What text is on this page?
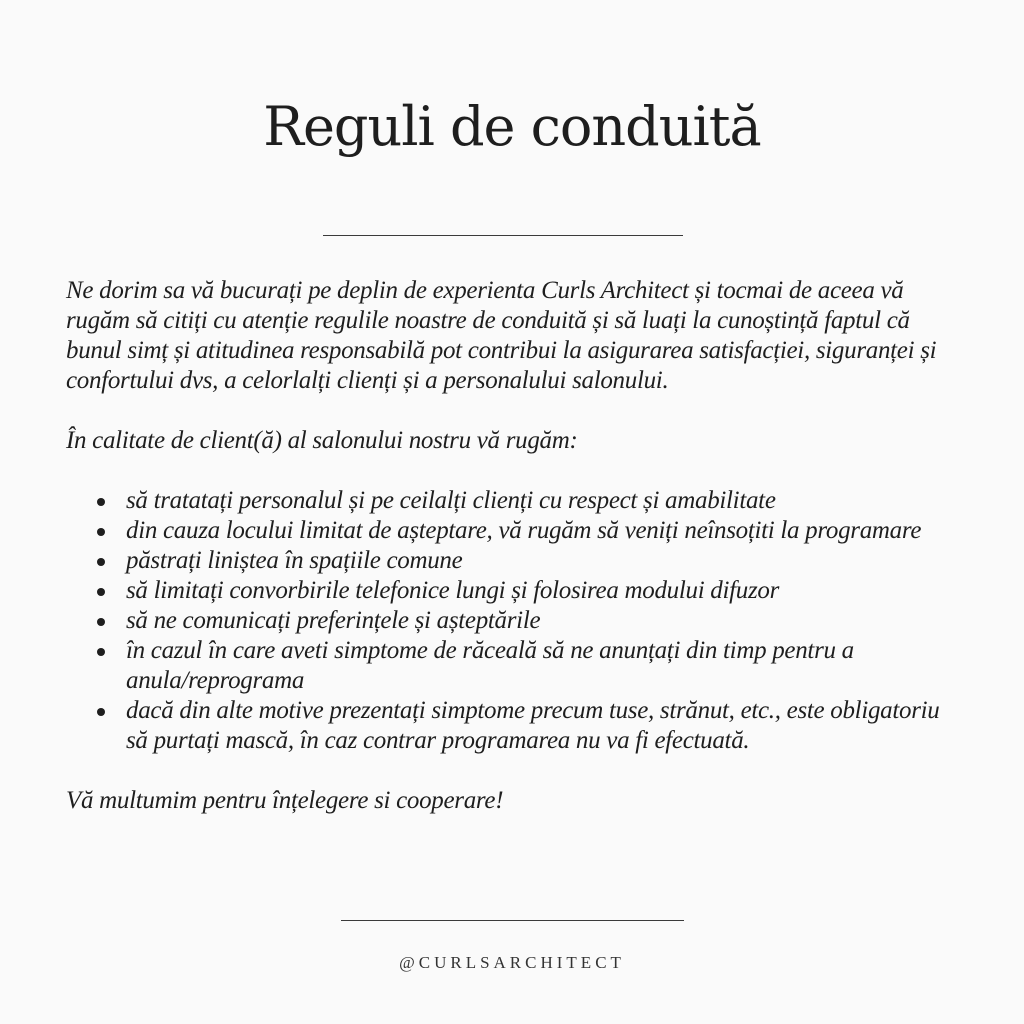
Reguli de conduită

Ne dorim sa vă bucurați pe deplin de experienta Curls Architect și tocmai de aceea vă rugăm să citiți cu atenție regulile noastre de conduită și să luați la cunoștință faptul că bunul simț și atitudinea responsabilă pot contribui la asigurarea satisfacției, siguranței și confortului dvs, a celorlalți clienți și a personalului salonului.

În calitate de client(ă) al salonului nostru vă rugăm:

să tratatați personalul și pe ceilalți clienți cu respect și amabilitate
din cauza locului limitat de așteptare, vă rugăm să veniți neînsoțiti la programare
păstrați liniștea în spațiile comune
să limitați convorbirile telefonice lungi și folosirea modului difuzor
să ne comunicați preferințele și așteptările
în cazul în care aveti simptome de răceală să ne anunțați din timp pentru a anula/reprograma
dacă din alte motive prezentați simptome precum tuse, strănut, etc., este obligatoriu să purtați mască, în caz contrar programarea nu va fi efectuată.

Vă multumim pentru înțelegere si cooperare!

@CURLSARCHITECT
